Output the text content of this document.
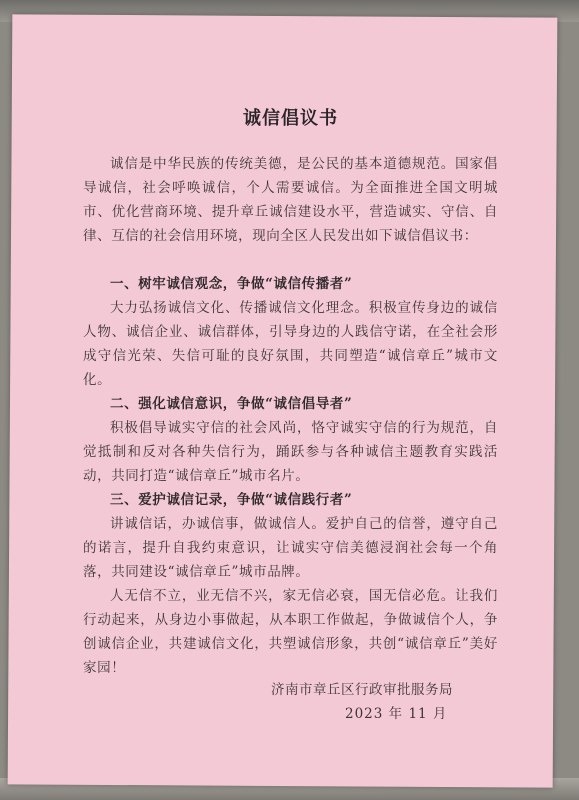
诚信倡议书

诚信是中华民族的传统美德，是公民的基本道德规范。国家倡导诚信，社会呼唤诚信，个人需要诚信。为全面推进全国文明城市、优化营商环境、提升章丘诚信建设水平，营造诚实、守信、自律、互信的社会信用环境，现向全区人民发出如下诚信倡议书：

一、树牢诚信观念，争做“诚信传播者”

大力弘扬诚信文化、传播诚信文化理念。积极宣传身边的诚信人物、诚信企业、诚信群体，引导身边的人践信守诺，在全社会形成守信光荣、失信可耻的良好氛围，共同塑造“诚信章丘”城市文化。

二、强化诚信意识，争做“诚信倡导者”

积极倡导诚实守信的社会风尚，恪守诚实守信的行为规范，自觉抵制和反对各种失信行为，踊跃参与各种诚信主题教育实践活动，共同打造“诚信章丘”城市名片。

三、爱护诚信记录，争做“诚信践行者”

讲诚信话，办诚信事，做诚信人。爱护自己的信誉，遵守自己的诺言，提升自我约束意识，让诚实守信美德浸润社会每一个角落，共同建设“诚信章丘”城市品牌。

人无信不立，业无信不兴，家无信必衰，国无信必危。让我们行动起来，从身边小事做起，从本职工作做起，争做诚信个人，争创诚信企业，共建诚信文化，共塑诚信形象，共创“诚信章丘”美好家园！

济南市章丘区行政审批服务局
2023 年 11 月
